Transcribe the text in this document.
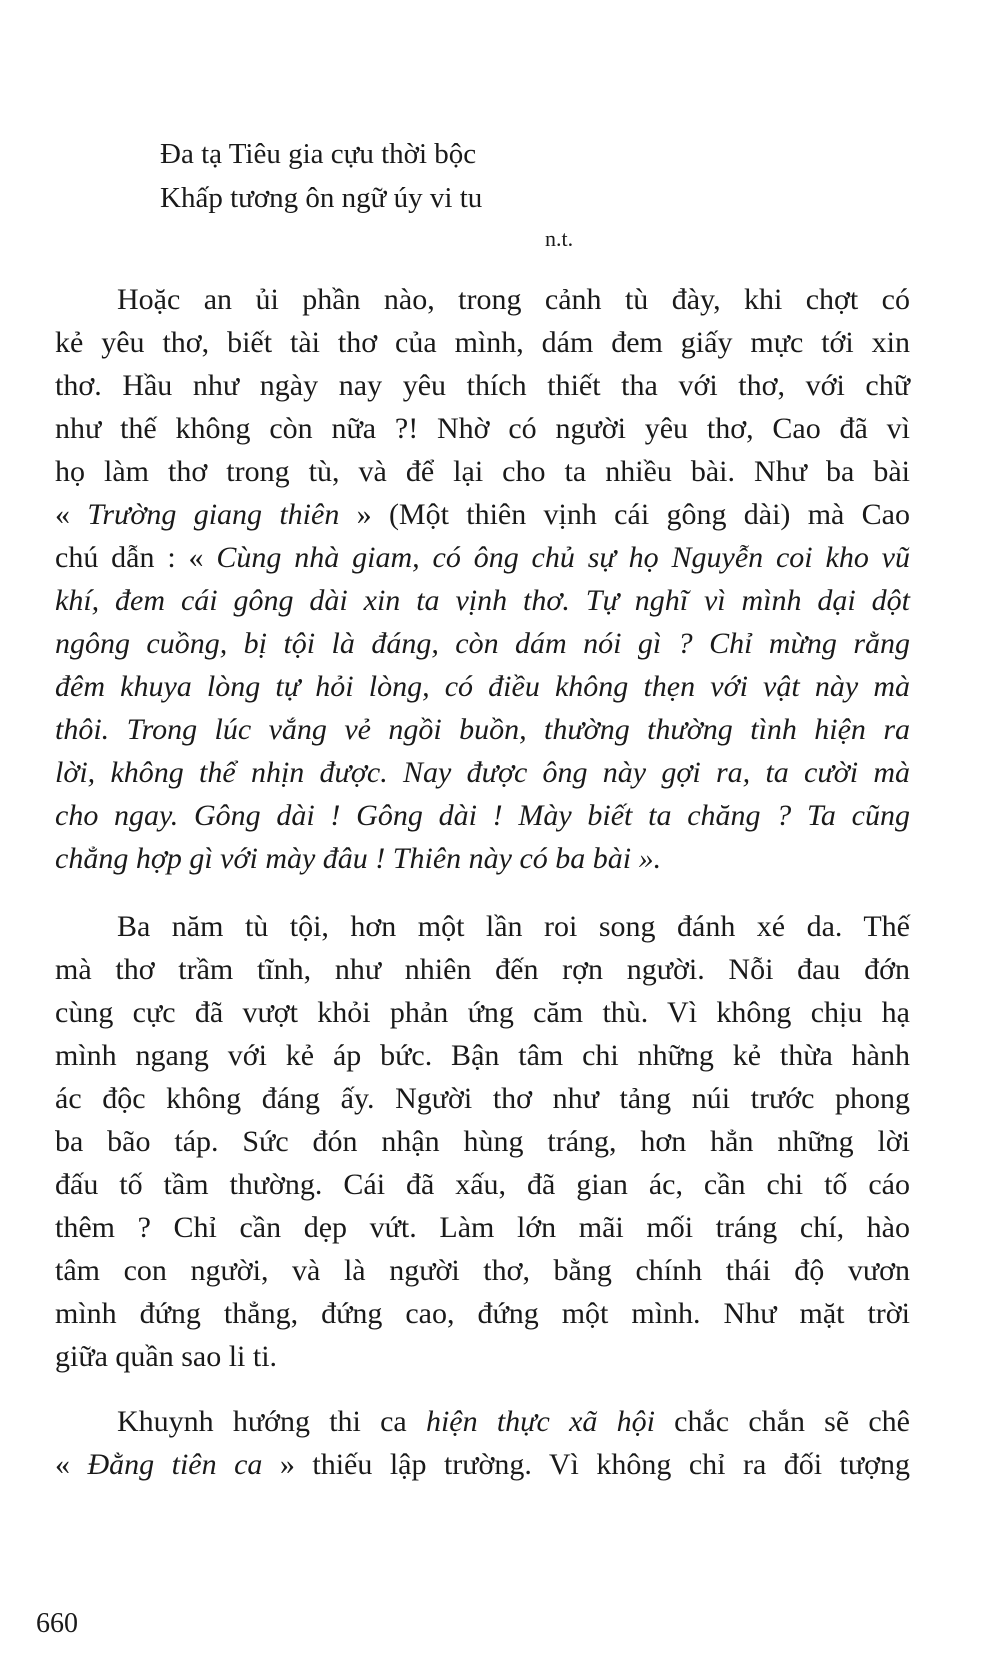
Đa tạ Tiêu gia cựu thời bộc
Khấp tương ôn ngữ úy vi tu
n.t.
Hoặc an ủi phần nào, trong cảnh tù đày, khi chợt có
kẻ yêu thơ, biết tài thơ của mình, dám đem giấy mực tới xin
thơ. Hầu như ngày nay yêu thích thiết tha với thơ, với chữ
như thế không còn nữa ?! Nhờ có người yêu thơ, Cao đã vì
họ làm thơ trong tù, và để lại cho ta nhiều bài. Như ba bài
« Trường giang thiên » (Một thiên vịnh cái gông dài) mà Cao
chú dẫn : « Cùng nhà giam, có ông chủ sự họ Nguyễn coi kho vũ
khí, đem cái gông dài xin ta vịnh thơ. Tự nghĩ vì mình dại dột
ngông cuồng, bị tội là đáng, còn dám nói gì ? Chỉ mừng rằng
đêm khuya lòng tự hỏi lòng, có điều không thẹn với vật này mà
thôi. Trong lúc vắng vẻ ngồi buồn, thường thường tình hiện ra
lời, không thể nhịn được. Nay được ông này gợi ra, ta cười mà
cho ngay. Gông dài ! Gông dài ! Mày biết ta chăng ? Ta cũng
chẳng hợp gì với mày đâu ! Thiên này có ba bài ».
Ba năm tù tội, hơn một lần roi song đánh xé da. Thế
mà thơ trầm tĩnh, như nhiên đến rợn người. Nỗi đau đớn
cùng cực đã vượt khỏi phản ứng căm thù. Vì không chịu hạ
mình ngang với kẻ áp bức. Bận tâm chi những kẻ thừa hành
ác độc không đáng ấy. Người thơ như tảng núi trước phong
ba bão táp. Sức đón nhận hùng tráng, hơn hẳn những lời
đấu tố tầm thường. Cái đã xấu, đã gian ác, cần chi tố cáo
thêm ? Chỉ cần dẹp vứt. Làm lớn mãi mối tráng chí, hào
tâm con người, và là người thơ, bằng chính thái độ vươn
mình đứng thẳng, đứng cao, đứng một mình. Như mặt trời
giữa quần sao li ti.
Khuynh hướng thi ca hiện thực xã hội chắc chắn sẽ chê
« Đằng tiên ca » thiếu lập trường. Vì không chỉ ra đối tượng
660
